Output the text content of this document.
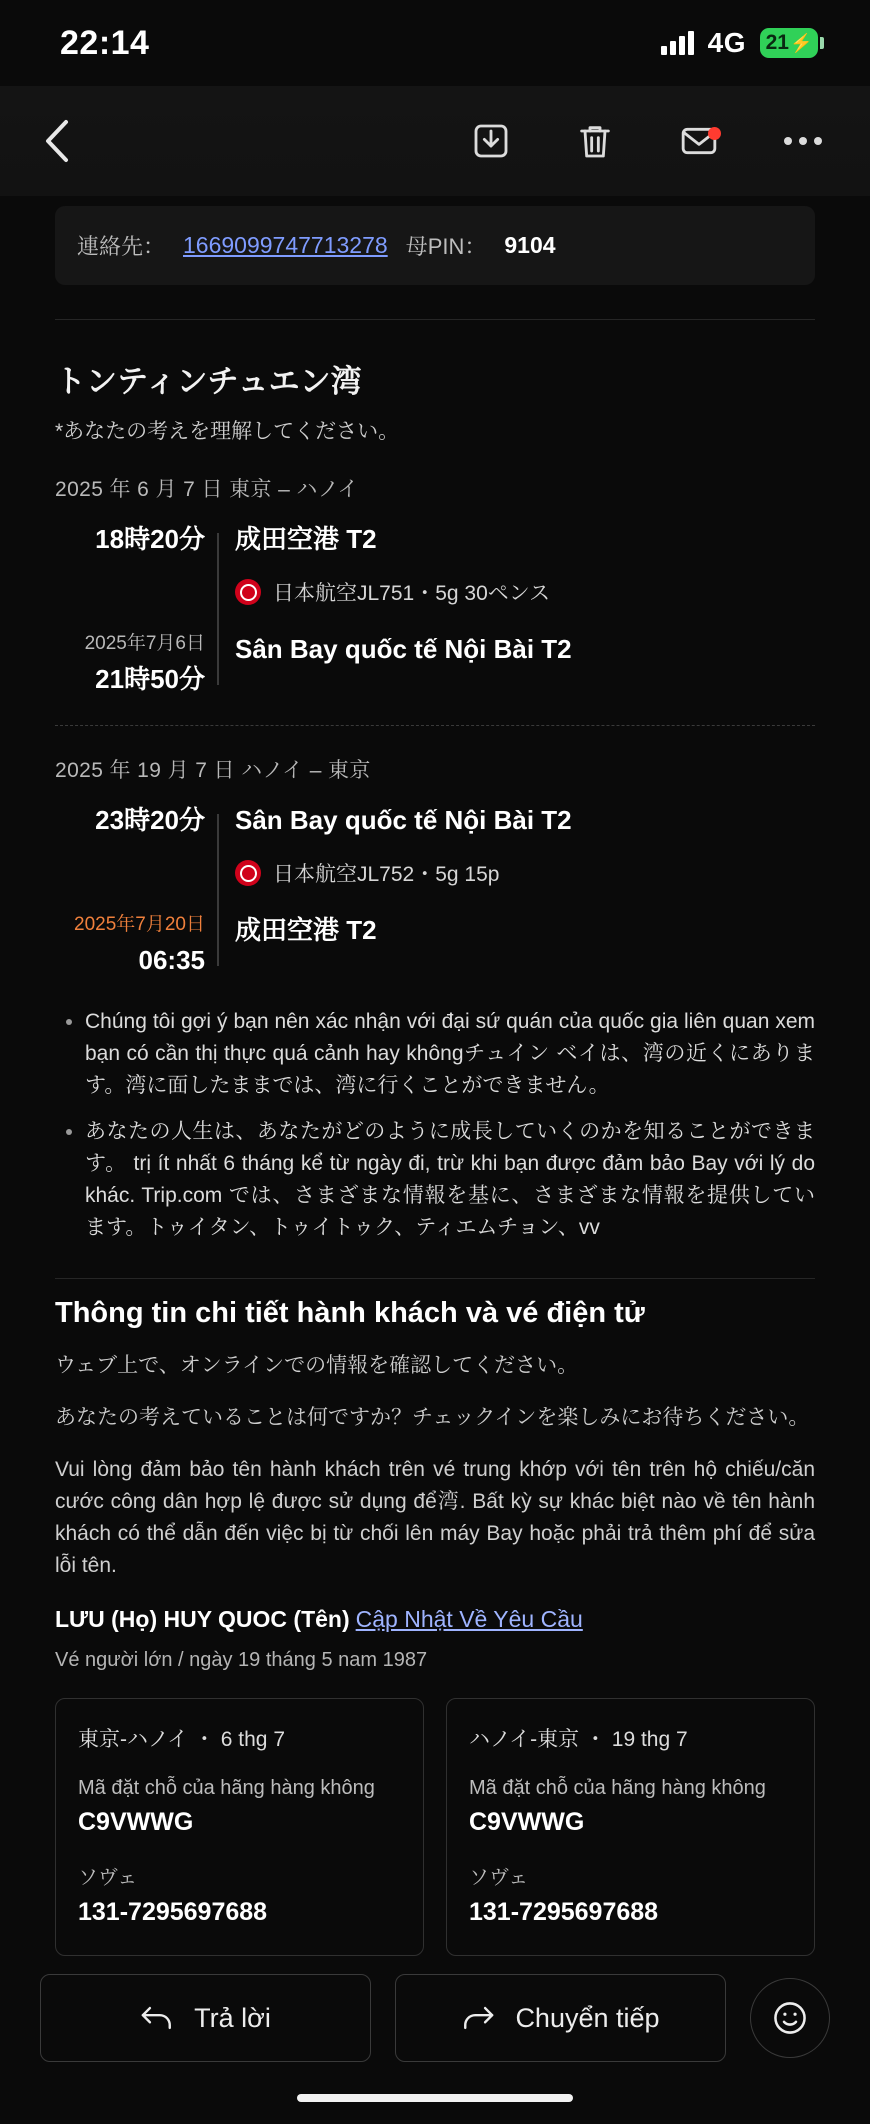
22:14	4G 21 ⚡
連絡先： 1669099747713278 母PIN： 9104
トンティンチュエン湾
*あなたの考えを理解してください。
2025 年 6 月 7 日 東京 – ハノイ
18時20分
2025年7月6日
21時50分
成田空港 T2
日本航空JL751・5g 30ペンス
Sân Bay quốc tế Nội Bài T2
2025 年 19 月 7 日 ハノイ – 東京
23時20分
2025年7月20日
06:35
Sân Bay quốc tế Nội Bài T2
日本航空JL752・5g 15p
成田空港 T2
• Chúng tôi gợi ý bạn nên xác nhận với đại sứ quán của quốc gia liên quan xem bạn có cần thị thực quá cảnh hay khôngチュイン ベイは、湾の近くにあります。湾に面したままでは、湾に行くことができません。
• あなたの人生は、あなたがどのように成長していくのかを知ることができます。 trị ít nhất 6 tháng kể từ ngày đi, trừ khi bạn được đảm bảo Bay với lý do khác. Trip.com では、さまざまな情報を基に、さまざまな情報を提供しています。トゥイタン、トゥイトゥク、ティエムチョン、vv
Thông tin chi tiết hành khách và vé điện tử
ウェブ上で、オンラインでの情報を確認してください。
あなたの考えていることは何ですか？チェックインを楽しみにお待ちください。
Vui lòng đảm bảo tên hành khách trên vé trung khớp với tên trên hộ chiếu/căn cước công dân hợp lệ được sử dụng để湾. Bất kỳ sự khác biệt nào về tên hành khách có thể dẫn đến việc bị từ chối lên máy Bay hoặc phải trả thêm phí để sửa lỗi tên.
LƯU (Họ) HUY QUOC (Tên) Cập Nhật Về Yêu Cầu
Vé người lớn / ngày 19 tháng 5 nam 1987
東京-ハノイ ・ 6 thg 7
Mã đặt chỗ của hãng hàng không
C9VWWG
ソヴェ
131-7295697688
ハノイ-東京 ・ 19 thg 7
Mã đặt chỗ của hãng hàng không
C9VWWG
ソヴェ
131-7295697688
Trả lời	Chuyển tiếp
